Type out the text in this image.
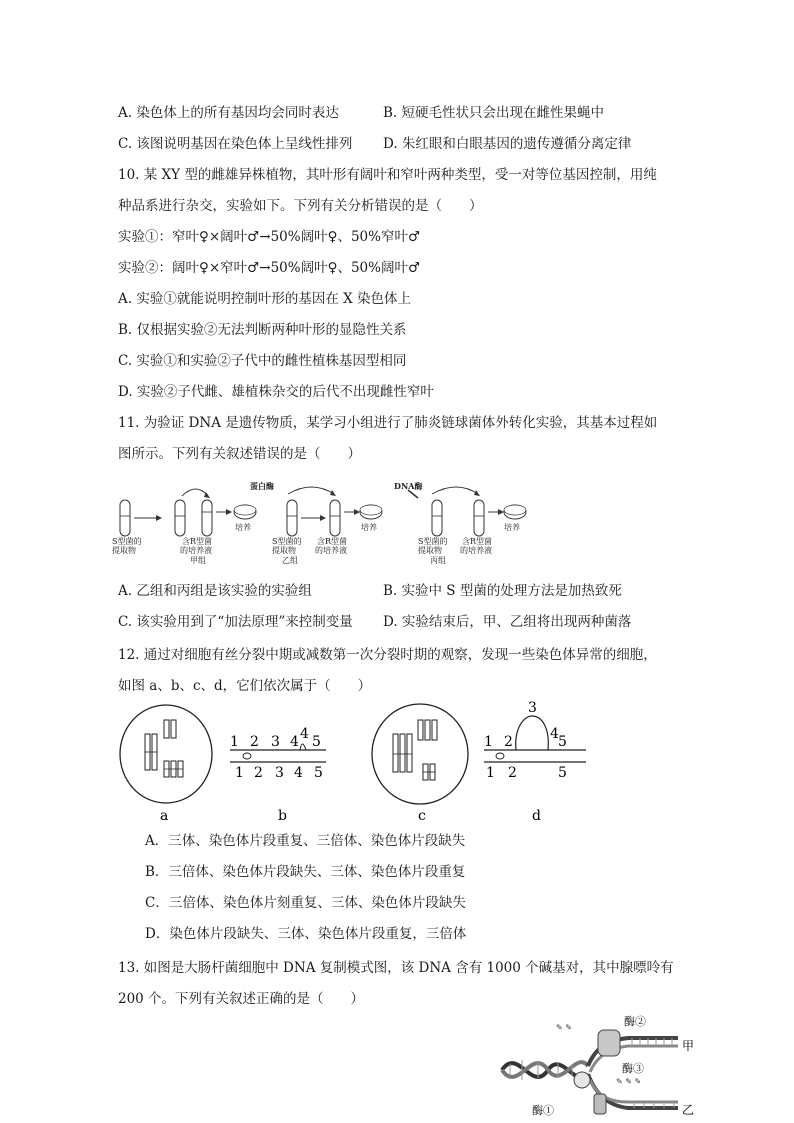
A. 染色体上的所有基因均会同时表达	B. 短硬毛性状只会出现在雌性果蝇中
C. 该图说明基因在染色体上呈线性排列 D. 朱红眼和白眼基因的遗传遵循分离定律
10. 某 XY 型的雌雄异株植物，其叶形有阔叶和窄叶两种类型，受一对等位基因控制，用纯
种品系进行杂交，实验如下。下列有关分析错误的是（　　）
实验①：窄叶♀×阔叶♂→50%阔叶♀、50%窄叶♂
实验②：阔叶♀×窄叶♂→50%阔叶♀、50%阔叶♂
A. 实验①就能说明控制叶形的基因在 X 染色体上
B. 仅根据实验②无法判断两种叶形的显隐性关系
C. 实验①和实验②子代中的雌性植株基因型相同
D. 实验②子代雌、雄植株杂交的后代不出现雌性窄叶
11. 为验证 DNA 是遗传物质，某学习小组进行了肺炎链球菌体外转化实验，其基本过程如
图所示。下列有关叙述错误的是（　　）
培养
S型菌的
提取物
含R型菌
的培养液
甲组
蛋白酶
培养
S型菌的
提取物
含R型菌
的培养液
乙组
DNA酶
培养
S型菌的
提取物
含R型菌
的培养液
丙组
A. 乙组和丙组是该实验的实验组	B. 实验中 S 型菌的处理方法是加热致死
C. 该实验用到了“加法原理”来控制变量 D. 实验结束后，甲、乙组将出现两种菌落
12. 通过对细胞有丝分裂中期或减数第一次分裂时期的观察，发现一些染色体异常的细胞，
如图 a、b、c、d，它们依次属于（　　）
a
1 2 3 4 4 5
1 2 3 4 5
b	c
3
1 2	4 5
1 2	5
d
A．三体、染色体片段重复、三倍体、染色体片段缺失
B．三倍体、染色体片段缺失、三体、染色体片段重复
C．三倍体、染色体片刻重复、三体、染色体片段缺失
D．染色体片段缺失、三体、染色体片段重复，三倍体
13. 如图是大肠杆菌细胞中 DNA 复制模式图，该 DNA 含有 1000 个碱基对，其中腺嘌呤有
200 个。下列有关叙述正确的是（　　）
✎ ✎
✎ ✎ ✎
酶②
酶③
酶①
甲
乙
